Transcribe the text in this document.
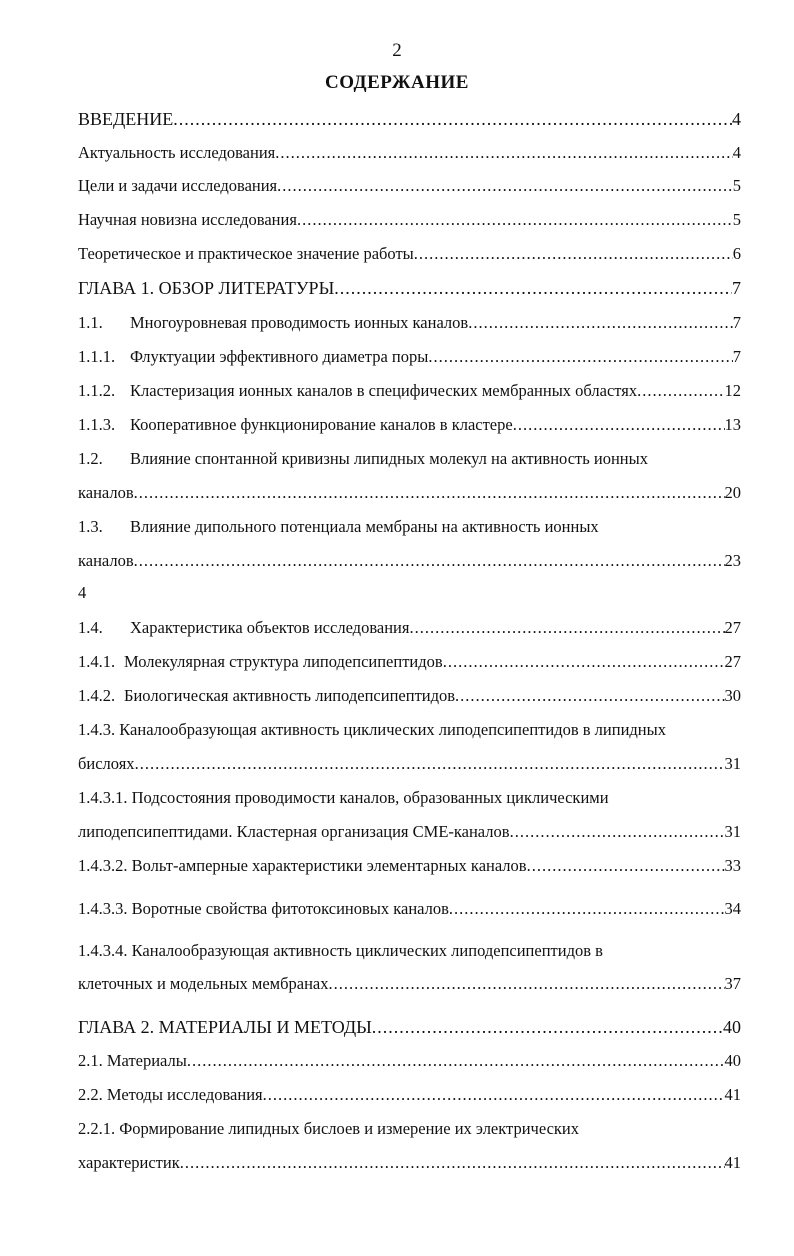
2
СОДЕРЖАНИЕ
ВВЕДЕНИЕ .....	4
Актуальность исследования .....	4
Цели и задачи исследования .....	5
Научная новизна исследования .....	5
Теоретическое и практическое значение работы .....	6
ГЛАВА 1. ОБЗОР ЛИТЕРАТУРЫ .....	7
1.1. Многоуровневая проводимость ионных каналов .....	7
1.1.1. Флуктуации эффективного диаметра поры .....	7
1.1.2. Кластеризация ионных каналов в специфических мембранных областях .....	12
1.1.3. Кооперативное функционирование каналов в кластере .....	13
1.2. Влияние спонтанной кривизны липидных молекул на активность ионных
каналов .....	20
1.3. Влияние дипольного потенциала мембраны на активность ионных
каналов .....	23
4
1.4. Характеристика объектов исследования .....	27
1.4.1. Молекулярная структура липодепсипептидов .....	27
1.4.2. Биологическая активность липодепсипептидов .....	30
1.4.3. Каналообразующая активность циклических липодепсипептидов в липидных
бислоях .....	31
1.4.3.1. Подсостояния проводимости каналов, образованных циклическими
липодепсипептидами. Кластерная организация СМЕ-каналов .....	31
1.4.3.2. Вольт-амперные характеристики элементарных каналов .....	33
1.4.3.3. Воротные свойства фитотоксиновых каналов .....	34
1.4.3.4. Каналообразующая активность циклических липодепсипептидов в
клеточных и модельных мембранах .....	37
ГЛАВА 2. МАТЕРИАЛЫ И МЕТОДЫ .....	40
2.1. Материалы .....	40
2.2. Методы исследования .....	41
2.2.1. Формирование липидных бислоев и измерение их электрических
характеристик .....	41
